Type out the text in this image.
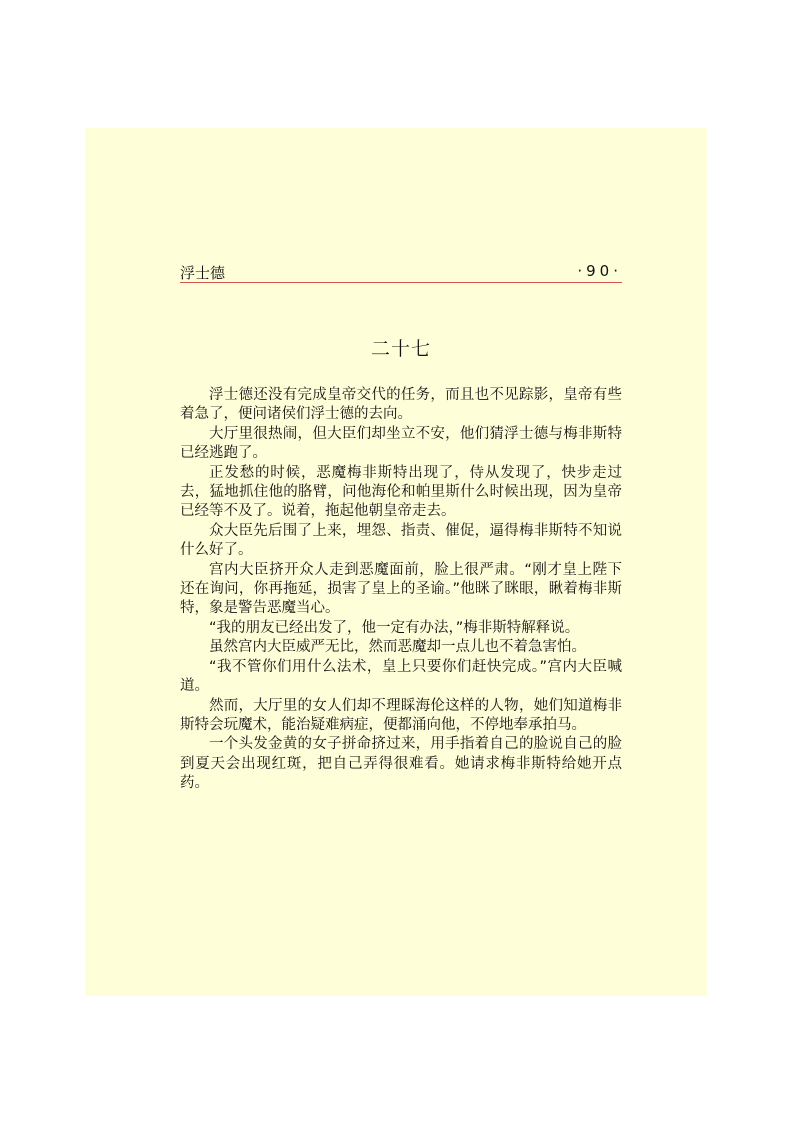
浮士德	·90·
二十七

浮士德还没有完成皇帝交代的任务，而且也不见踪影，皇帝有些着急了，便问诸侯们浮士德的去向。

大厅里很热闹，但大臣们却坐立不安，他们猜浮士德与梅非斯特已经逃跑了。

正发愁的时候，恶魔梅非斯特出现了，侍从发现了，快步走过去，猛地抓住他的胳臂，问他海伦和帕里斯什么时候出现，因为皇帝已经等不及了。说着，拖起他朝皇帝走去。

众大臣先后围了上来，埋怨、指责、催促，逼得梅非斯特不知说什么好了。

宫内大臣挤开众人走到恶魔面前，脸上很严肃。“刚才皇上陛下还在询问，你再拖延，损害了皇上的圣谕。”他眯了眯眼，瞅着梅非斯特，象是警告恶魔当心。

“我的朋友已经出发了，他一定有办法，”梅非斯特解释说。

虽然宫内大臣威严无比，然而恶魔却一点儿也不着急害怕。

“我不管你们用什么法术，皇上只要你们赶快完成。”宫内大臣喊道。

然而，大厅里的女人们却不理睬海伦这样的人物，她们知道梅非斯特会玩魔术，能治疑难病症，便都涌向他，不停地奉承拍马。

一个头发金黄的女子拼命挤过来，用手指着自己的脸说自己的脸到夏天会出现红斑，把自己弄得很难看。她请求梅非斯特给她开点药。
